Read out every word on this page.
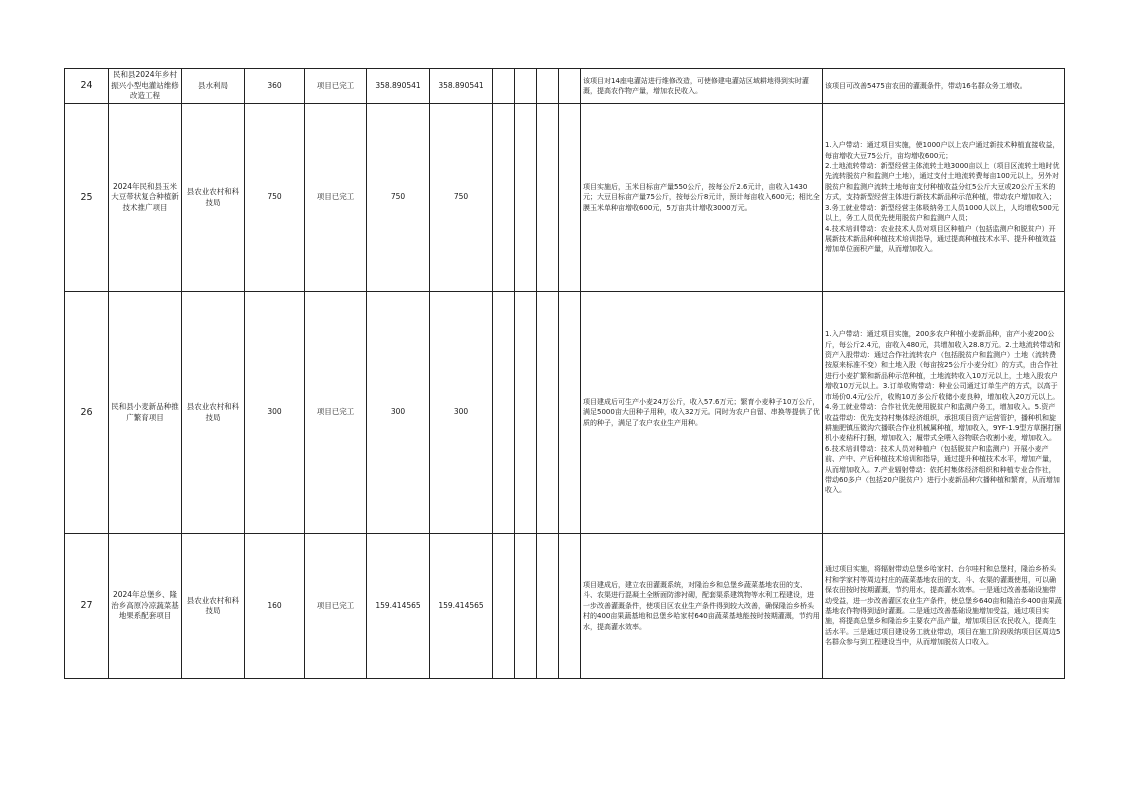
24	民和县2024年乡村振兴小型电灌站维修改造工程	县水利局	360	项目已完工	358.890541	358.890541					该项目对14座电灌站进行维修改造，可使修建电灌站区域耕地得到实时灌溉，提高农作物产量，增加农民收入。	该项目可改善5475亩农田的灌溉条件，带动16名群众务工增收。
25	2024年民和县玉米大豆带状复合种植新技术推广项目	县农业农村和科技局	750	项目已完工	750	750					项目实施后，玉米目标亩产量550公斤，按每公斤2.6元计，亩收入1430元；大豆目标亩产量75公斤，按每公斤8元计，预计每亩收入600元；相比全膜玉米单种亩增收600元，5万亩共计增收3000万元。	1.入户带动：通过项目实施，使1000户以上农户通过新技术种植直接收益，每亩增收大豆75公斤，亩均增收600元；
2.土地流转带动：新型经营主体流转土地3000亩以上（项目区流转土地时优先流转脱贫户和监测户土地），通过支付土地流转费每亩100元以上，另外对脱贫户和监测户流转土地每亩支付种植收益分红5公斤大豆或20公斤玉米的方式，支持新型经营主体进行新技术新品种示范种植，带动农户增加收入；
3.务工就业带动：新型经营主体吸纳务工人员1000人以上，人均增收500元以上，务工人员优先使用脱贫户和监测户人员；
4.技术培训带动：农业技术人员对项目区种植户（包括监测户和脱贫户）开展新技术新品种种植技术培训指导，通过提高种植技术水平、提升种植效益增加单位面积产量，从而增加收入。
26	民和县小麦新品种推广繁育项目	县农业农村和科技局	300	项目已完工	300	300					项目建成后可生产小麦24万公斤，收入57.6万元；繁育小麦种子10万公斤，满足5000亩大田种子用种，收入32万元。同时为农户自留、串换等提供了优质的种子，满足了农户农业生产用种。	1.入户带动：通过项目实施，200多农户种植小麦新品种，亩产小麦200公斤，每公斤2.4元，亩收入480元，共增加收入28.8万元。2.土地流转带动和资产入股带动：通过合作社流转农户（包括脱贫户和监测户）土地（流转费按原来标准不变）和土地入股（每亩按25公斤小麦分红）的方式，由合作社进行小麦扩繁和新品种示范种植，土地流转收入10万元以上，土地入股农户增收10万元以上。3.订单收购带动：种业公司通过订单生产的方式，以高于市场价0.4元/公斤，收购10万多公斤收储小麦良种，增加收入20万元以上。4.务工就业带动：合作社优先使用脱贫户和监测户务工，增加收入。5.资产收益带动：优先支持村集体经济组织，承担项目资产运营管护，播种机和旋耕施肥镇压微沟穴播联合作业机械属种植，增加收入，9YF-1.9型方草捆打捆机小麦秸秆打捆，增加收入；履带式全喂入谷物联合收割小麦，增加收入。6.技术培训带动：技术人员对种植户（包括脱贫户和监测户）开展小麦产前、产中、产后种植技术培训和指导，通过提升种植技术水平，增加产量，从而增加收入。7.产业辐射带动：依托村集体经济组织和种植专业合作社，带动60多户（包括20户脱贫户）进行小麦新品种穴播种植和繁育，从而增加收入。
27	2024年总堡乡、隆治乡高原冷凉蔬菜基地果系配套项目	县农业农村和科技局	160	项目已完工	159.414565	159.414565					项目建成后，建立农田灌溉系统，对隆治乡和总堡乡蔬菜基地农田的支、斗、农渠进行混凝土全断面防渗衬砌，配套渠系建筑物等水利工程建设，进一步改善灌溉条件，使项目区农业生产条件得到较大改善，确保隆治乡桥头村的400亩果蔬基地和总堡乡哈家村640亩蔬菜基地能按时按期灌溉，节约用水，提高灌水效率。	通过项目实施，将辐射带动总堡乡哈家村、台尔哇村和总堡村，隆治乡桥头村和学家村等周边村庄的蔬菜基地农田的支、斗、农渠的灌溉使用，可以确保农田按时按期灌溉，节约用水，提高灌水效率。一是通过改善基础设施带动受益，进一步改善灌区农业生产条件，使总堡乡640亩和隆治乡400亩果蔬基地农作物得到适时灌溉。二是通过改善基础设施增加受益，通过项目实施，将提高总堡乡和隆治乡主要农产品产量，增加项目区农民收入，提高生活水平。三是通过项目建设务工就业带动，项目在施工阶段吸纳项目区周边5名群众参与到工程建设当中，从而增加脱贫人口收入。
